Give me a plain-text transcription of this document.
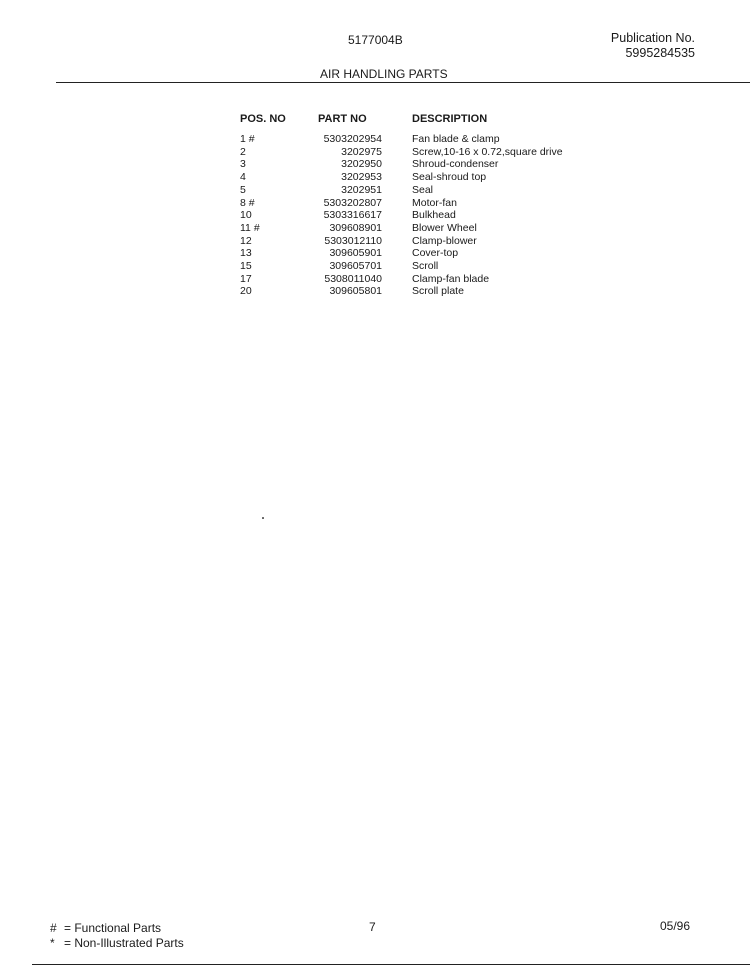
5177004B	Publication No.
5995284535
AIR HANDLING PARTS
POS. NO	PART NO	DESCRIPTION
1 #	5303202954	Fan blade & clamp
2	3202975	Screw,10-16 x 0.72,square drive
3	3202950	Shroud-condenser
4	3202953	Seal-shroud top
5	3202951	Seal
8 #	5303202807	Motor-fan
10	5303316617	Bulkhead
11 #	309608901	Blower Wheel
12	5303012110	Clamp-blower
13	309605901	Cover-top
15	309605701	Scroll
17	5308011040	Clamp-fan blade
20	309605801	Scroll plate
# = Functional Parts
* = Non-Illustrated Parts
7	05/96
